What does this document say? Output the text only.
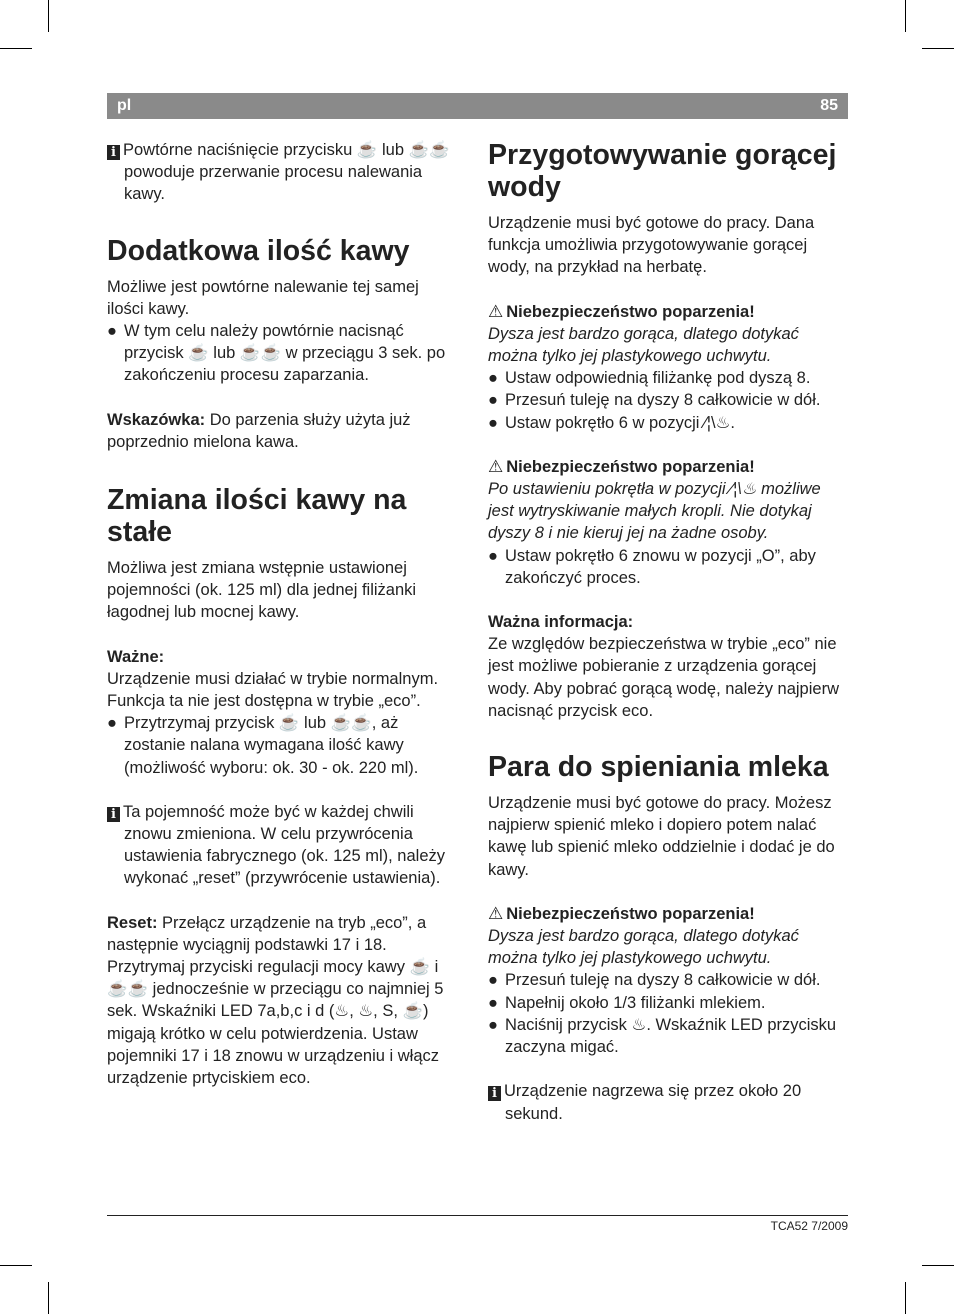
pl	85

i Powtórne naciśnięcie przycisku ☕ lub ☕☕ powoduje przerwanie procesu nalewania kawy.

Dodatkowa ilość kawy

Możliwe jest powtórne nalewanie tej samej ilości kawy.

● W tym celu należy powtórnie nacisnąć przycisk ☕ lub ☕☕ w przeciągu 3 sek. po zakończeniu procesu zaparzania.

Wskazówka: Do parzenia służy użyta już poprzednio mielona kawa.

Zmiana ilości kawy na stałe

Możliwa jest zmiana wstępnie ustawionej pojemności (ok. 125 ml) dla jednej filiżanki łagodnej lub mocnej kawy.

Ważne:

Urządzenie musi działać w trybie normalnym. Funkcja ta nie jest dostępna w trybie „eco”.

● Przytrzymaj przycisk ☕ lub ☕☕, aż zostanie nalana wymagana ilość kawy (możliwość wyboru: ok. 30 - ok. 220 ml).

i Ta pojemność może być w każdej chwili znowu zmieniona. W celu przywrócenia ustawienia fabrycznego (ok. 125 ml), należy wykonać „reset” (przywrócenie ustawienia).

Reset: Przełącz urządzenie na tryb „eco”, a następnie wyciągnij podstawki 17 i 18. Przytrymaj przyciski regulacji mocy kawy ☕ i ☕☕ jednocześnie w przeciągu co najmniej 5 sek. Wskaźniki LED 7a,b,c i d (♨, ♨, S, ☕) migają krótko w celu potwierdzenia. Ustaw pojemniki 17 i 18 znowu w urządzeniu i włącz urządzenie prtyciskiem eco.

Przygotowywanie gorącej wody

Urządzenie musi być gotowe do pracy. Dana funkcja umożliwia przygotowywanie gorącej wody, na przykład na herbatę.

⚠ Niebezpieczeństwo poparzenia!

Dysza jest bardzo gorąca, dlatego dotykać można tylko jej plastykowego uchwytu.

● Ustaw odpowiednią filiżankę pod dyszą 8.

● Przesuń tuleję na dyszy 8 całkowicie w dół.

● Ustaw pokrętło 6 w pozycji ⁄¦\♨.

⚠ Niebezpieczeństwo poparzenia!

Po ustawieniu pokrętła w pozycji ⁄¦\♨ możliwe jest wytryskiwanie małych kropli. Nie dotykaj dyszy 8 i nie kieruj jej na żadne osoby.

● Ustaw pokrętło 6 znowu w pozycji „O”, aby zakończyć proces.

Ważna informacja:

Ze względów bezpieczeństwa w trybie „eco” nie jest możliwe pobieranie z urządzenia gorącej wody. Aby pobrać gorącą wodę, należy najpierw nacisnąć przycisk eco.

Para do spieniania mleka

Urządzenie musi być gotowe do pracy. Możesz najpierw spienić mleko i dopiero potem nalać kawę lub spienić mleko oddzielnie i dodać je do kawy.

⚠ Niebezpieczeństwo poparzenia!

Dysza jest bardzo gorąca, dlatego dotykać można tylko jej plastykowego uchwytu.

● Przesuń tuleję na dyszy 8 całkowicie w dół.

● Napełnij około 1/3 filiżanki mlekiem.

● Naciśnij przycisk ♨. Wskaźnik LED przycisku zaczyna migać.

i Urządzenie nagrzewa się przez około 20 sekund.

TCA52 7/2009
